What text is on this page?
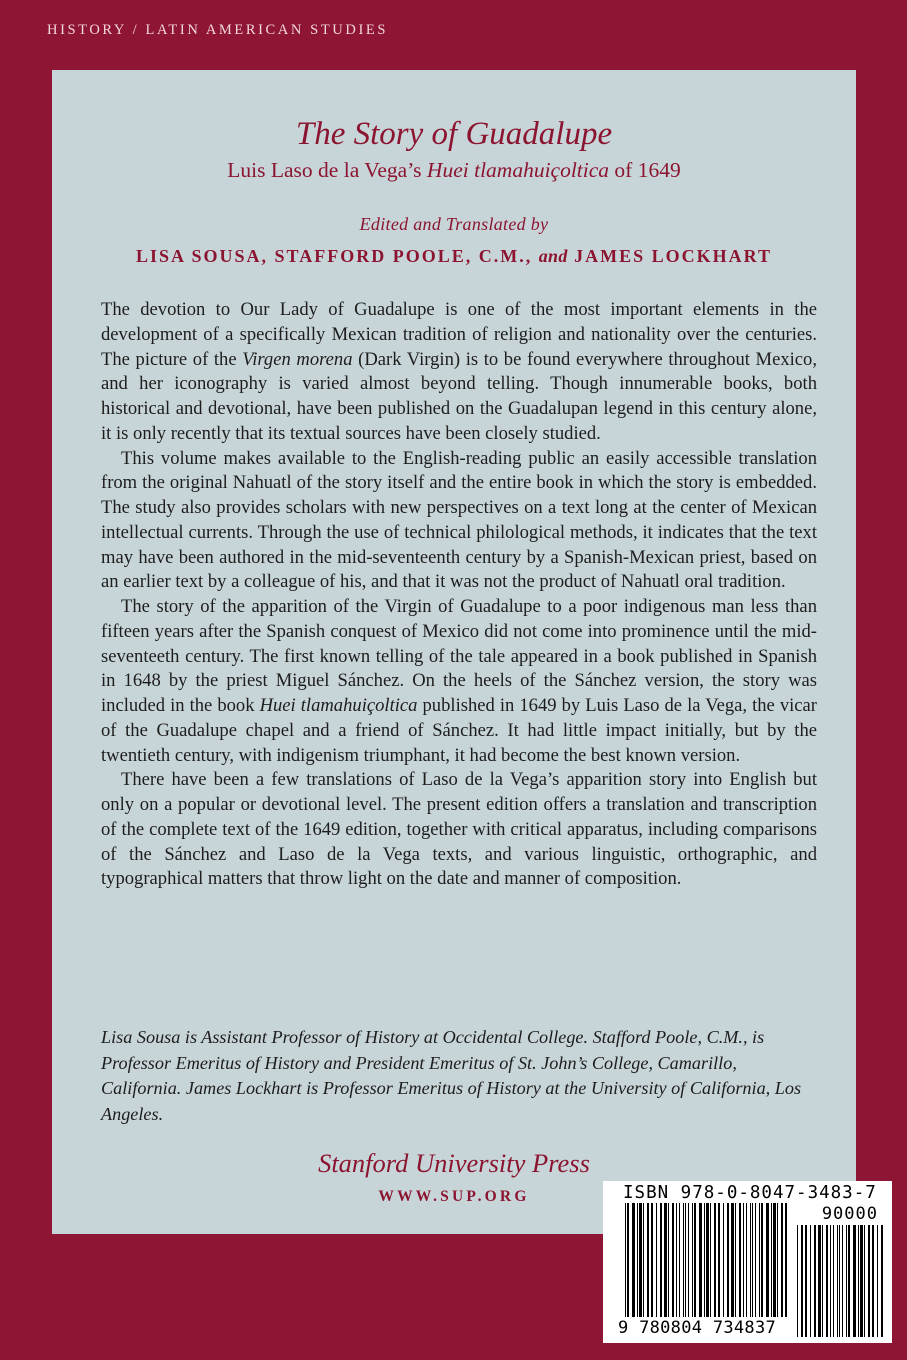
HISTORY / LATIN AMERICAN STUDIES
The Story of Guadalupe
Luis Laso de la Vega’s Huei tlamahuiçoltica of 1649
Edited and Translated by
LISA SOUSA, STAFFORD POOLE, C.M., and JAMES LOCKHART

The devotion to Our Lady of Guadalupe is one of the most important elements in the development of a specifically Mexican tradition of religion and nationality over the centuries. The picture of the Virgen morena (Dark Virgin) is to be found everywhere throughout Mexico, and her iconography is varied almost beyond telling. Though innumerable books, both historical and devotional, have been published on the Guadalupan legend in this century alone, it is only recently that its textual sources have been closely studied.

This volume makes available to the English-reading public an easily accessible translation from the original Nahuatl of the story itself and the entire book in which the story is embedded. The study also provides scholars with new perspectives on a text long at the center of Mexican intellectual currents. Through the use of technical philological methods, it indicates that the text may have been authored in the mid-seventeenth century by a Spanish-Mexican priest, based on an earlier text by a colleague of his, and that it was not the product of Nahuatl oral tradition.

The story of the apparition of the Virgin of Guadalupe to a poor indigenous man less than fifteen years after the Spanish conquest of Mexico did not come into prominence until the mid-seventeeth century. The first known telling of the tale appeared in a book published in Spanish in 1648 by the priest Miguel Sánchez. On the heels of the Sánchez version, the story was included in the book Huei tlamahuiçoltica published in 1649 by Luis Laso de la Vega, the vicar of the Guadalupe chapel and a friend of Sánchez. It had little impact initially, but by the twentieth century, with indigenism triumphant, it had become the best known version.

There have been a few translations of Laso de la Vega’s apparition story into English but only on a popular or devotional level. The present edition offers a translation and transcription of the complete text of the 1649 edition, together with critical apparatus, including comparisons of the Sánchez and Laso de la Vega texts, and various linguistic, orthographic, and typographical matters that throw light on the date and manner of composition.

Lisa Sousa is Assistant Professor of History at Occidental College. Stafford Poole, C.M., is Professor Emeritus of History and President Emeritus of St. John’s College, Camarillo, California. James Lockhart is Professor Emeritus of History at the University of California, Los Angeles.
Stanford University Press
WWW.SUP.ORG	ISBN 978-0-8047-3483-7
90000
9 780804 734837
